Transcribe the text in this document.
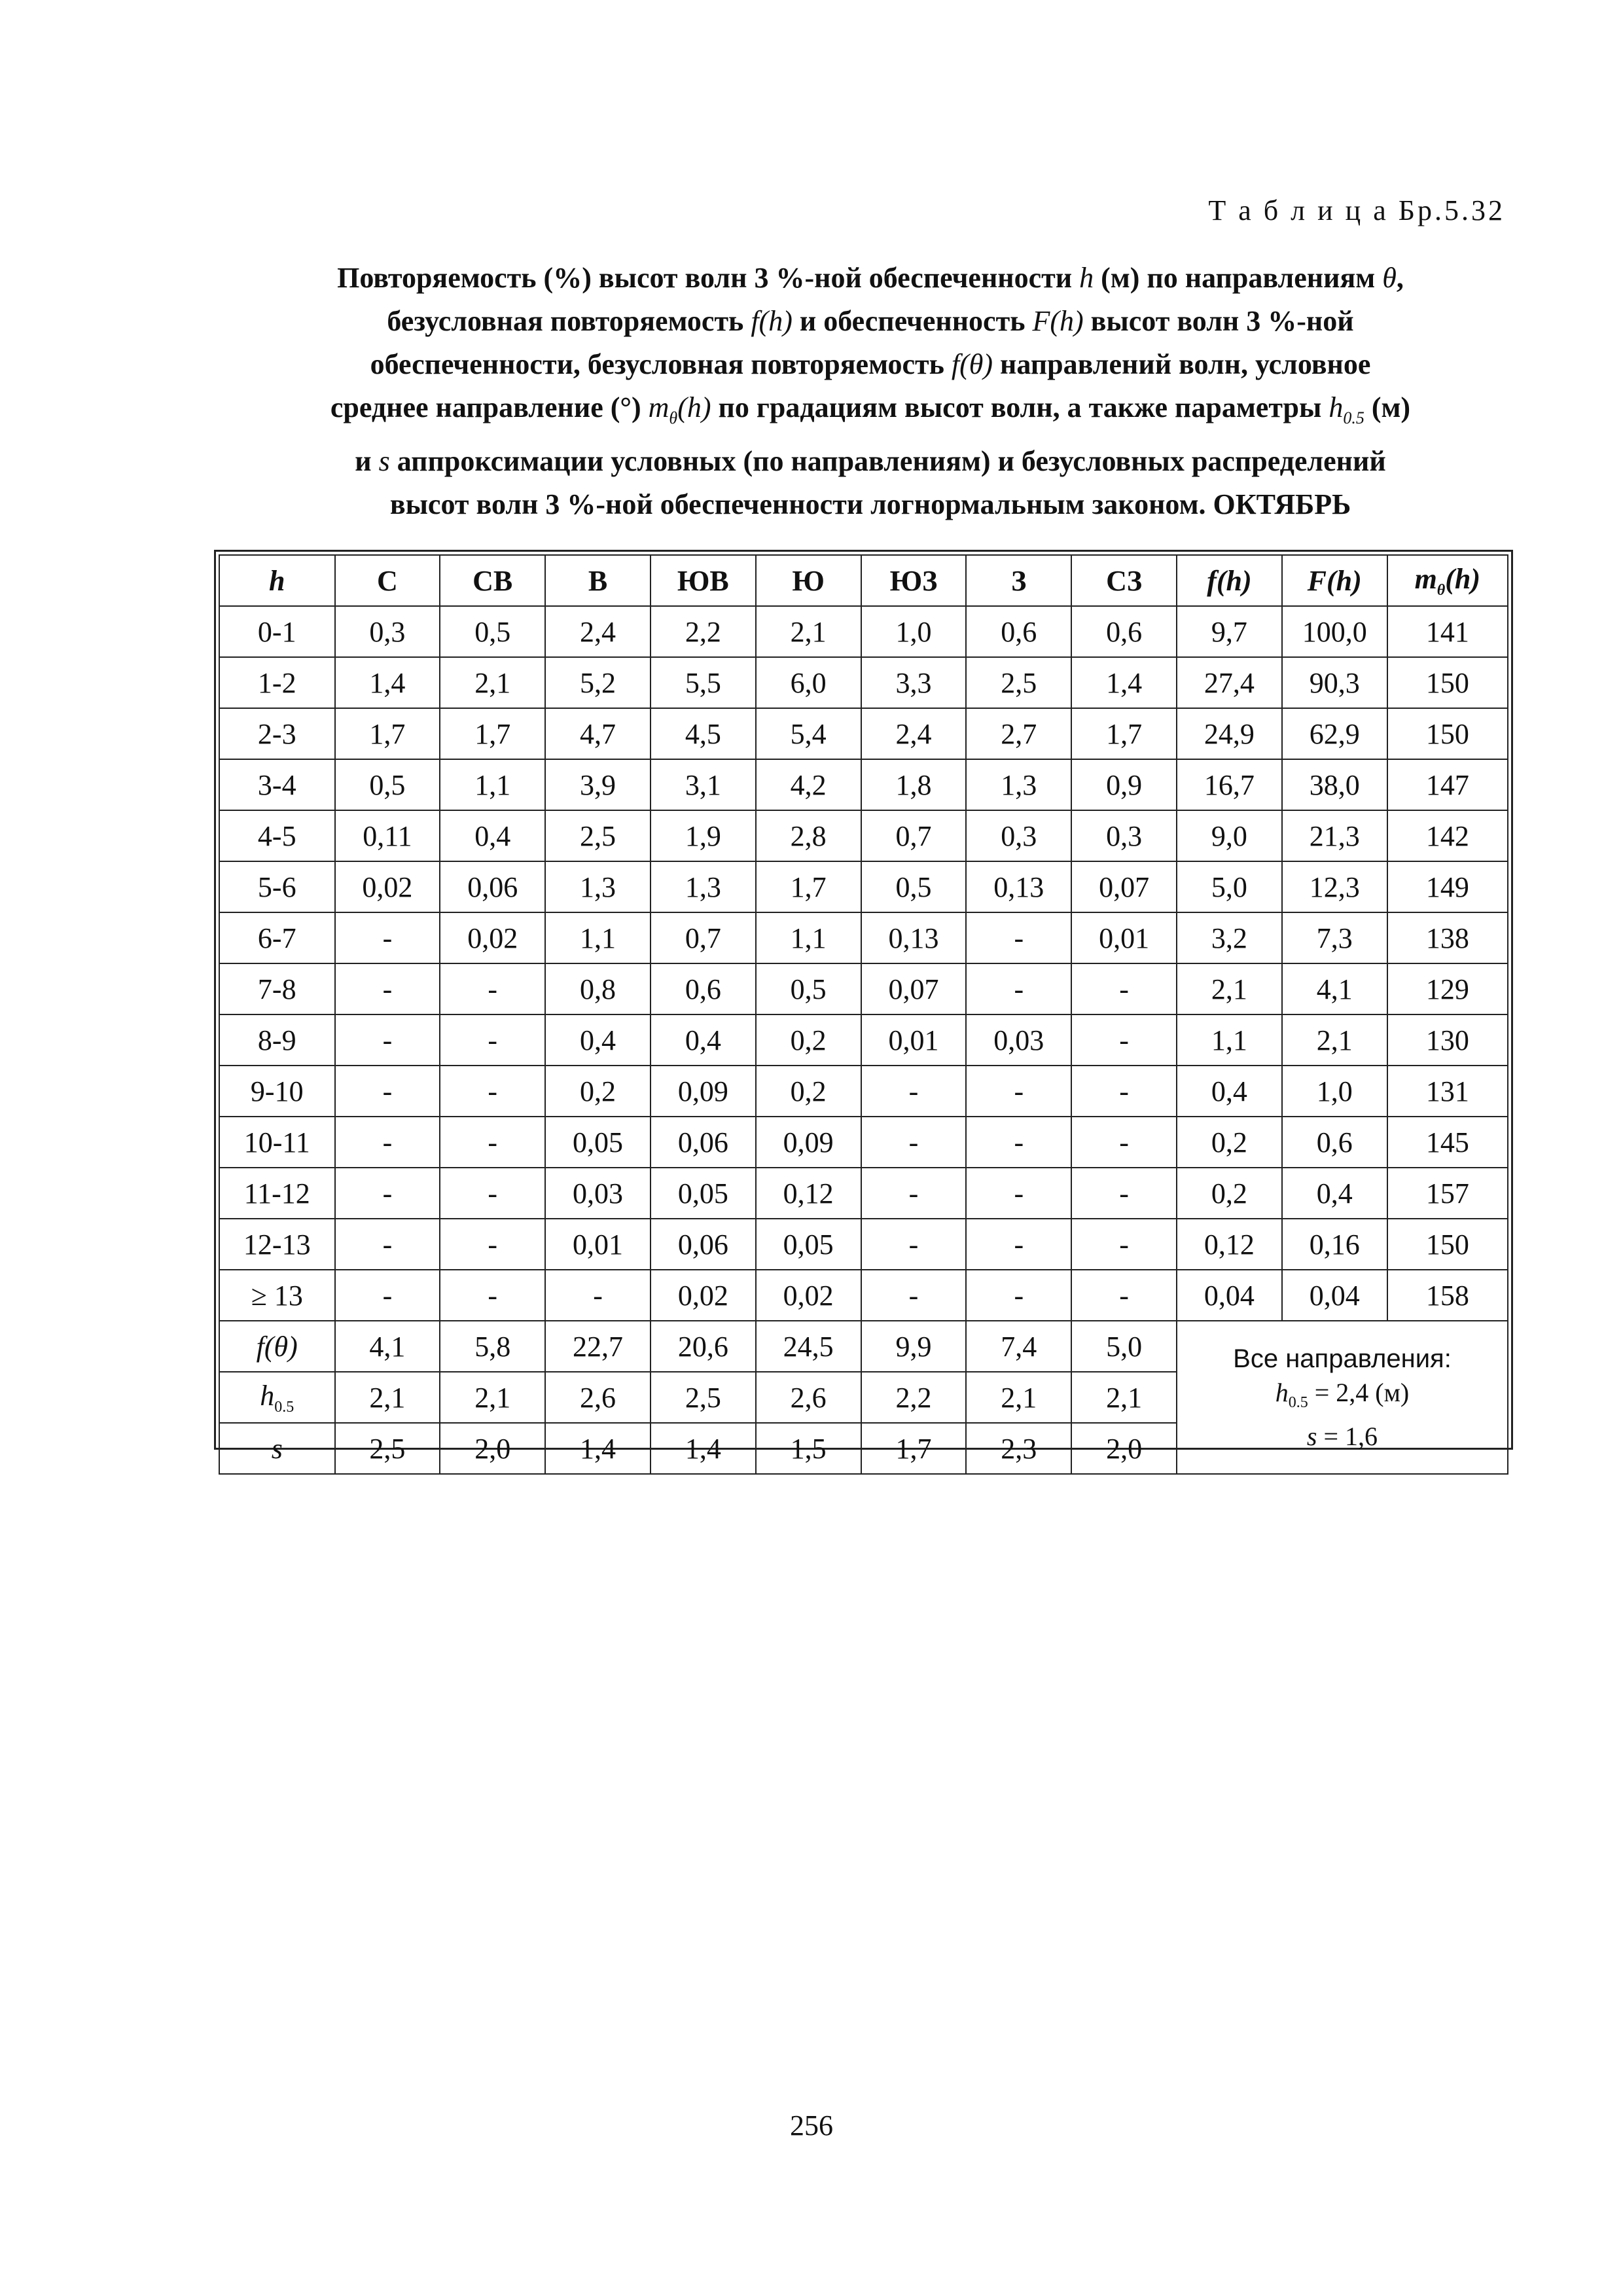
Т а б л и ц а Бр.5.32
Повторяемость (%) высот волн 3 %-ной обеспеченности h (м) по направлениям θ,
безусловная повторяемость f(h) и обеспеченность F(h) высот волн 3 %-ной
обеспеченности, безусловная повторяемость f(θ) направлений волн, условное
среднее направление (°) $m_\theta(h)$ по градациям высот волн, а также параметры $h_{0.5}$ (м)
и s аппроксимации условных (по направлениям) и безусловных распределений
высот волн 3 %-ной обеспеченности логнормальным законом. ОКТЯБРЬ
h	С	СВ	В	ЮВ	Ю	ЮЗ	З	СЗ	f(h)	F(h)	$m_\theta(h)$
0-1	0,3	0,5	2,4	2,2	2,1	1,0	0,6	0,6	9,7	100,0	141
1-2	1,4	2,1	5,2	5,5	6,0	3,3	2,5	1,4	27,4	90,3	150
2-3	1,7	1,7	4,7	4,5	5,4	2,4	2,7	1,7	24,9	62,9	150
3-4	0,5	1,1	3,9	3,1	4,2	1,8	1,3	0,9	16,7	38,0	147
4-5	0,11	0,4	2,5	1,9	2,8	0,7	0,3	0,3	9,0	21,3	142
5-6	0,02	0,06	1,3	1,3	1,7	0,5	0,13	0,07	5,0	12,3	149
6-7	-	0,02	1,1	0,7	1,1	0,13	-	0,01	3,2	7,3	138
7-8	-	-	0,8	0,6	0,5	0,07	-	-	2,1	4,1	129
8-9	-	-	0,4	0,4	0,2	0,01	0,03	-	1,1	2,1	130
9-10	-	-	0,2	0,09	0,2	-	-	-	0,4	1,0	131
10-11	-	-	0,05	0,06	0,09	-	-	-	0,2	0,6	145
11-12	-	-	0,03	0,05	0,12	-	-	-	0,2	0,4	157
12-13	-	-	0,01	0,06	0,05	-	-	-	0,12	0,16	150
≥ 13	-	-	-	0,02	0,02	-	-	-	0,04	0,04	158
f(θ)	4,1	5,8	22,7	20,6	24,5	9,9	7,4	5,0	Все направления:
$h_{0.5} = 2,4$ (м)
s = 1,6		

$h_{0.5}$	2,1	2,1	2,6	2,5	2,6	2,2	2,1	2,1			
s	2,5	2,0	1,4	1,4	1,5	1,7	2,3	2,0			
256
